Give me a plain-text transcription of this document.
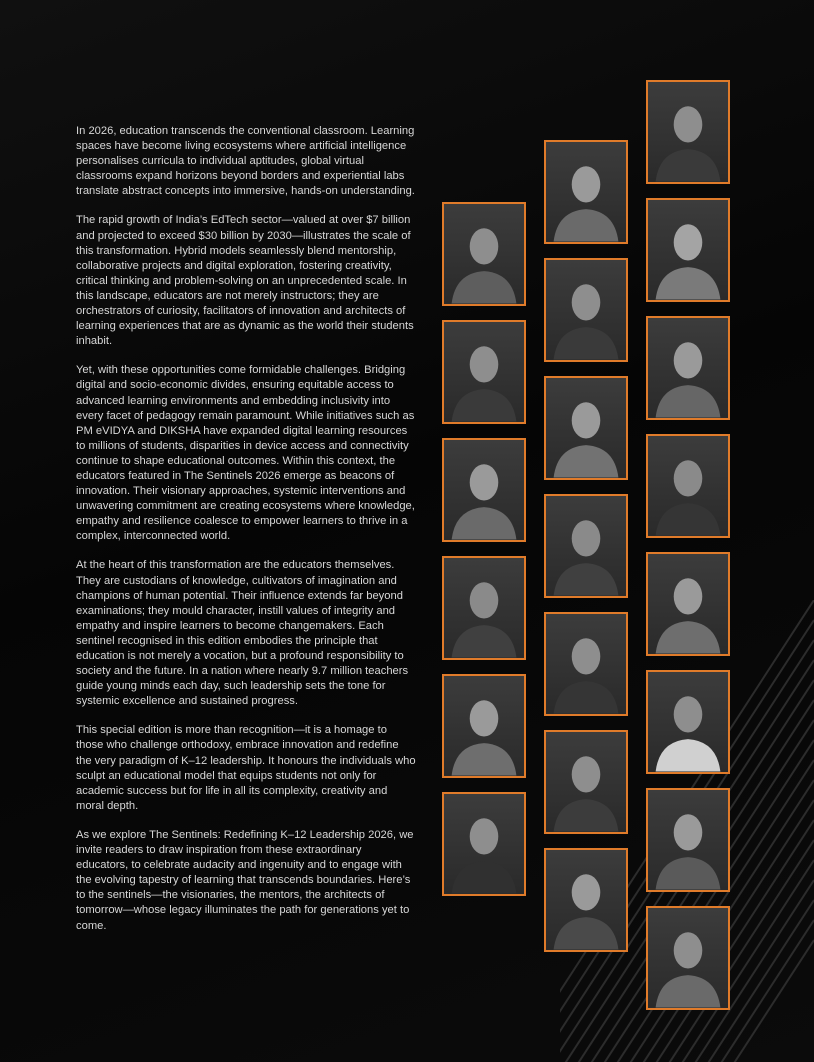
In 2026, education transcends the conventional classroom. Learning spaces have become living ecosystems where artificial intelligence personalises curricula to individual aptitudes, global virtual classrooms expand horizons beyond borders and experiential labs translate abstract concepts into immersive, hands-on understanding.

The rapid growth of India’s EdTech sector—valued at over $7 billion and projected to exceed $30 billion by 2030—illustrates the scale of this transformation. Hybrid models seamlessly blend mentorship, collaborative projects and digital exploration, fostering creativity, critical thinking and problem-solving on an unprecedented scale. In this landscape, educators are not merely instructors; they are orchestrators of curiosity, facilitators of innovation and architects of learning experiences that are as dynamic as the world their students inhabit.

Yet, with these opportunities come formidable challenges. Bridging digital and socio-economic divides, ensuring equitable access to advanced learning environments and embedding inclusivity into every facet of pedagogy remain paramount. While initiatives such as PM eVIDYA and DIKSHA have expanded digital learning resources to millions of students, disparities in device access and connectivity continue to shape educational outcomes. Within this context, the educators featured in The Sentinels 2026 emerge as beacons of innovation. Their visionary approaches, systemic interventions and unwavering commitment are creating ecosystems where knowledge, empathy and resilience coalesce to empower learners to thrive in a complex, interconnected world.

At the heart of this transformation are the educators themselves. They are custodians of knowledge, cultivators of imagination and champions of human potential. Their influence extends far beyond examinations; they mould character, instill values of integrity and empathy and inspire learners to become changemakers. Each sentinel recognised in this edition embodies the principle that education is not merely a vocation, but a profound responsibility to society and the future. In a nation where nearly 9.7 million teachers guide young minds each day, such leadership sets the tone for systemic excellence and sustained progress.

This special edition is more than recognition—it is a homage to those who challenge orthodoxy, embrace innovation and redefine the very paradigm of K–12 leadership. It honours the individuals who sculpt an educational model that equips students not only for academic success but for life in all its complexity, creativity and moral depth.

As we explore The Sentinels: Redefining K–12 Leadership 2026, we invite readers to draw inspiration from these extraordinary educators, to celebrate audacity and ingenuity and to engage with the evolving tapestry of learning that transcends boundaries. Here’s to the sentinels—the visionaries, the mentors, the architects of tomorrow—whose legacy illuminates the path for generations yet to come.
